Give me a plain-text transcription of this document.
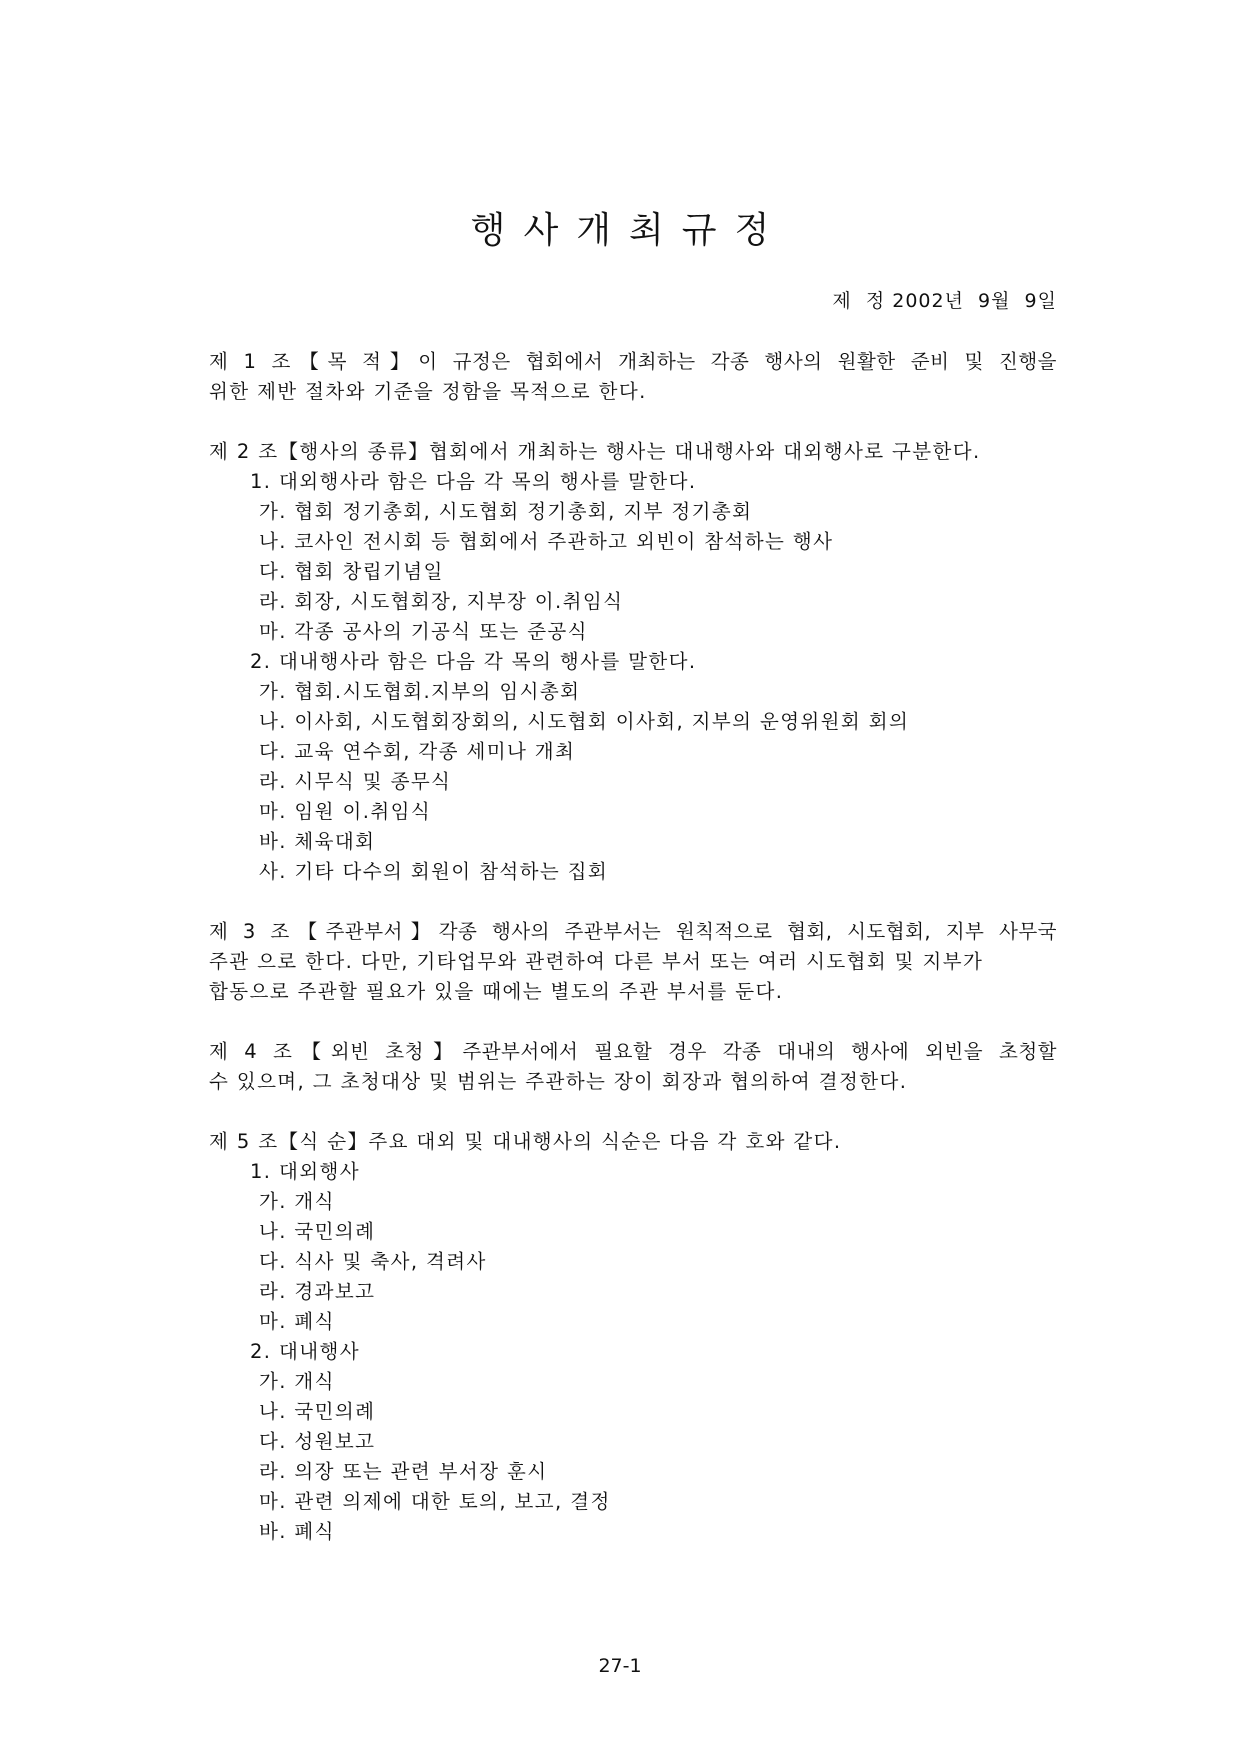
행사개최규정
제  정 2002년  9월  9일

제 1 조【목 적】이 규정은 협회에서 개최하는 각종 행사의 원활한 준비 및 진행을

위한 제반 절차와 기준을 정함을 목적으로 한다.

제 2 조【행사의 종류】협회에서 개최하는 행사는 대내행사와 대외행사로 구분한다.

1. 대외행사라 함은 다음 각 목의 행사를 말한다.
가. 협회 정기총회, 시도협회 정기총회, 지부 정기총회
나. 코사인 전시회 등 협회에서 주관하고 외빈이 참석하는 행사
다. 협회 창립기념일
라. 회장, 시도협회장, 지부장 이.취임식
마. 각종 공사의 기공식 또는 준공식
2. 대내행사라 함은 다음 각 목의 행사를 말한다.
가. 협회.시도협회.지부의 임시총회
나. 이사회, 시도협회장회의, 시도협회 이사회, 지부의 운영위원회 회의
다. 교육 연수회, 각종 세미나 개최
라. 시무식 및 종무식
마. 임원 이.취임식
바. 체육대회
사. 기타 다수의 회원이 참석하는 집회

제 3 조【주관부서】각종 행사의 주관부서는 원칙적으로 협회, 시도협회, 지부 사무국

주관 으로 한다. 다만, 기타업무와 관련하여 다른 부서 또는 여러 시도협회 및 지부가

합동으로 주관할 필요가 있을 때에는 별도의 주관 부서를 둔다.

제 4 조【외빈 초청】주관부서에서 필요할 경우 각종 대내의 행사에 외빈을 초청할

수 있으며, 그 초청대상 및 범위는 주관하는 장이 회장과 협의하여 결정한다.

제 5 조【식 순】주요 대외 및 대내행사의 식순은 다음 각 호와 같다.

1. 대외행사
가. 개식
나. 국민의례
다. 식사 및 축사, 격려사
라. 경과보고
마. 폐식
2. 대내행사
가. 개식
나. 국민의례
다. 성원보고
라. 의장 또는 관련 부서장 훈시
마. 관련 의제에 대한 토의, 보고, 결정
바. 폐식
27-1
